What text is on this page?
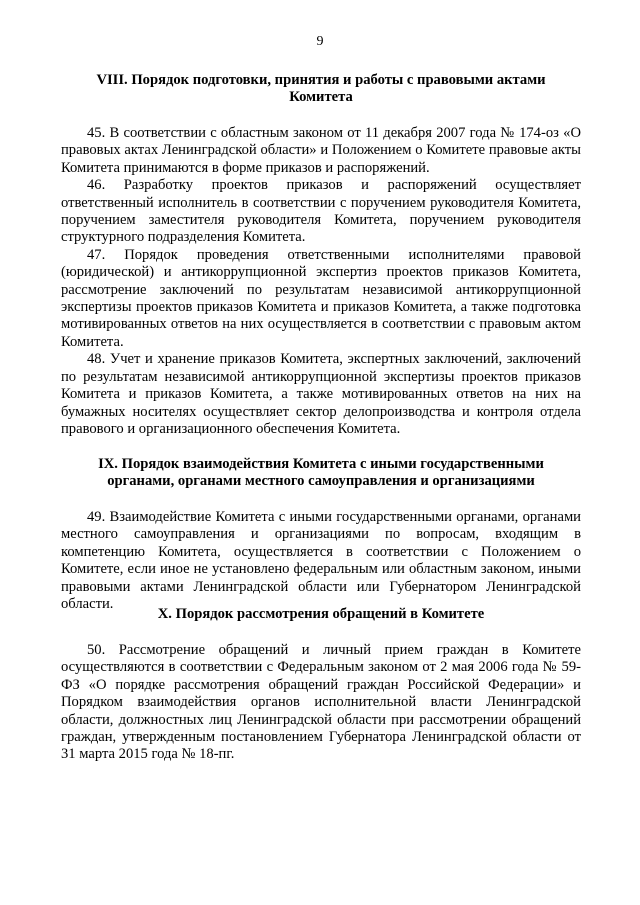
9
VIII. Порядок подготовки, принятия и работы с правовыми актами
Комитета

45. В соответствии с областным законом от 11 декабря 2007 года № 174-оз «О правовых актах Ленинградской области» и Положением о Комитете правовые акты Комитета принимаются в форме приказов и распоряжений.

46. Разработку проектов приказов и распоряжений осуществляет ответственный исполнитель в соответствии с поручением руководителя Комитета, поручением заместителя руководителя Комитета, поручением руководителя структурного подразделения Комитета.

47. Порядок проведения ответственными исполнителями правовой (юридической) и антикоррупционной экспертиз проектов приказов Комитета, рассмотрение заключений по результатам независимой антикоррупционной экспертизы проектов приказов Комитета и приказов Комитета, а также подготовка мотивированных ответов на них осуществляется в соответствии с правовым актом Комитета.

48. Учет и хранение приказов Комитета, экспертных заключений, заключений по результатам независимой антикоррупционной экспертизы проектов приказов Комитета и приказов Комитета, а также мотивированных ответов на них на бумажных носителях осуществляет сектор делопроизводства и контроля отдела правового и организационного обеспечения Комитета.

IX. Порядок взаимодействия Комитета с иными государственными
органами, органами местного самоуправления и организациями

49. Взаимодействие Комитета с иными государственными органами, органами местного самоуправления и организациями по вопросам, входящим в компетенцию Комитета, осуществляется в соответствии с Положением о Комитете, если иное не установлено федеральным или областным законом, иными правовыми актами Ленинградской области или Губернатором Ленинградской области.

X. Порядок рассмотрения обращений в Комитете

50. Рассмотрение обращений и личный прием граждан в Комитете осуществляются в соответствии с Федеральным законом от 2 мая 2006 года № 59-ФЗ «О порядке рассмотрения обращений граждан Российской Федерации» и Порядком взаимодействия органов исполнительной власти Ленинградской области, должностных лиц Ленинградской области при рассмотрении обращений граждан, утвержденным постановлением Губернатора Ленинградской области от 31 марта 2015 года № 18-пг.
